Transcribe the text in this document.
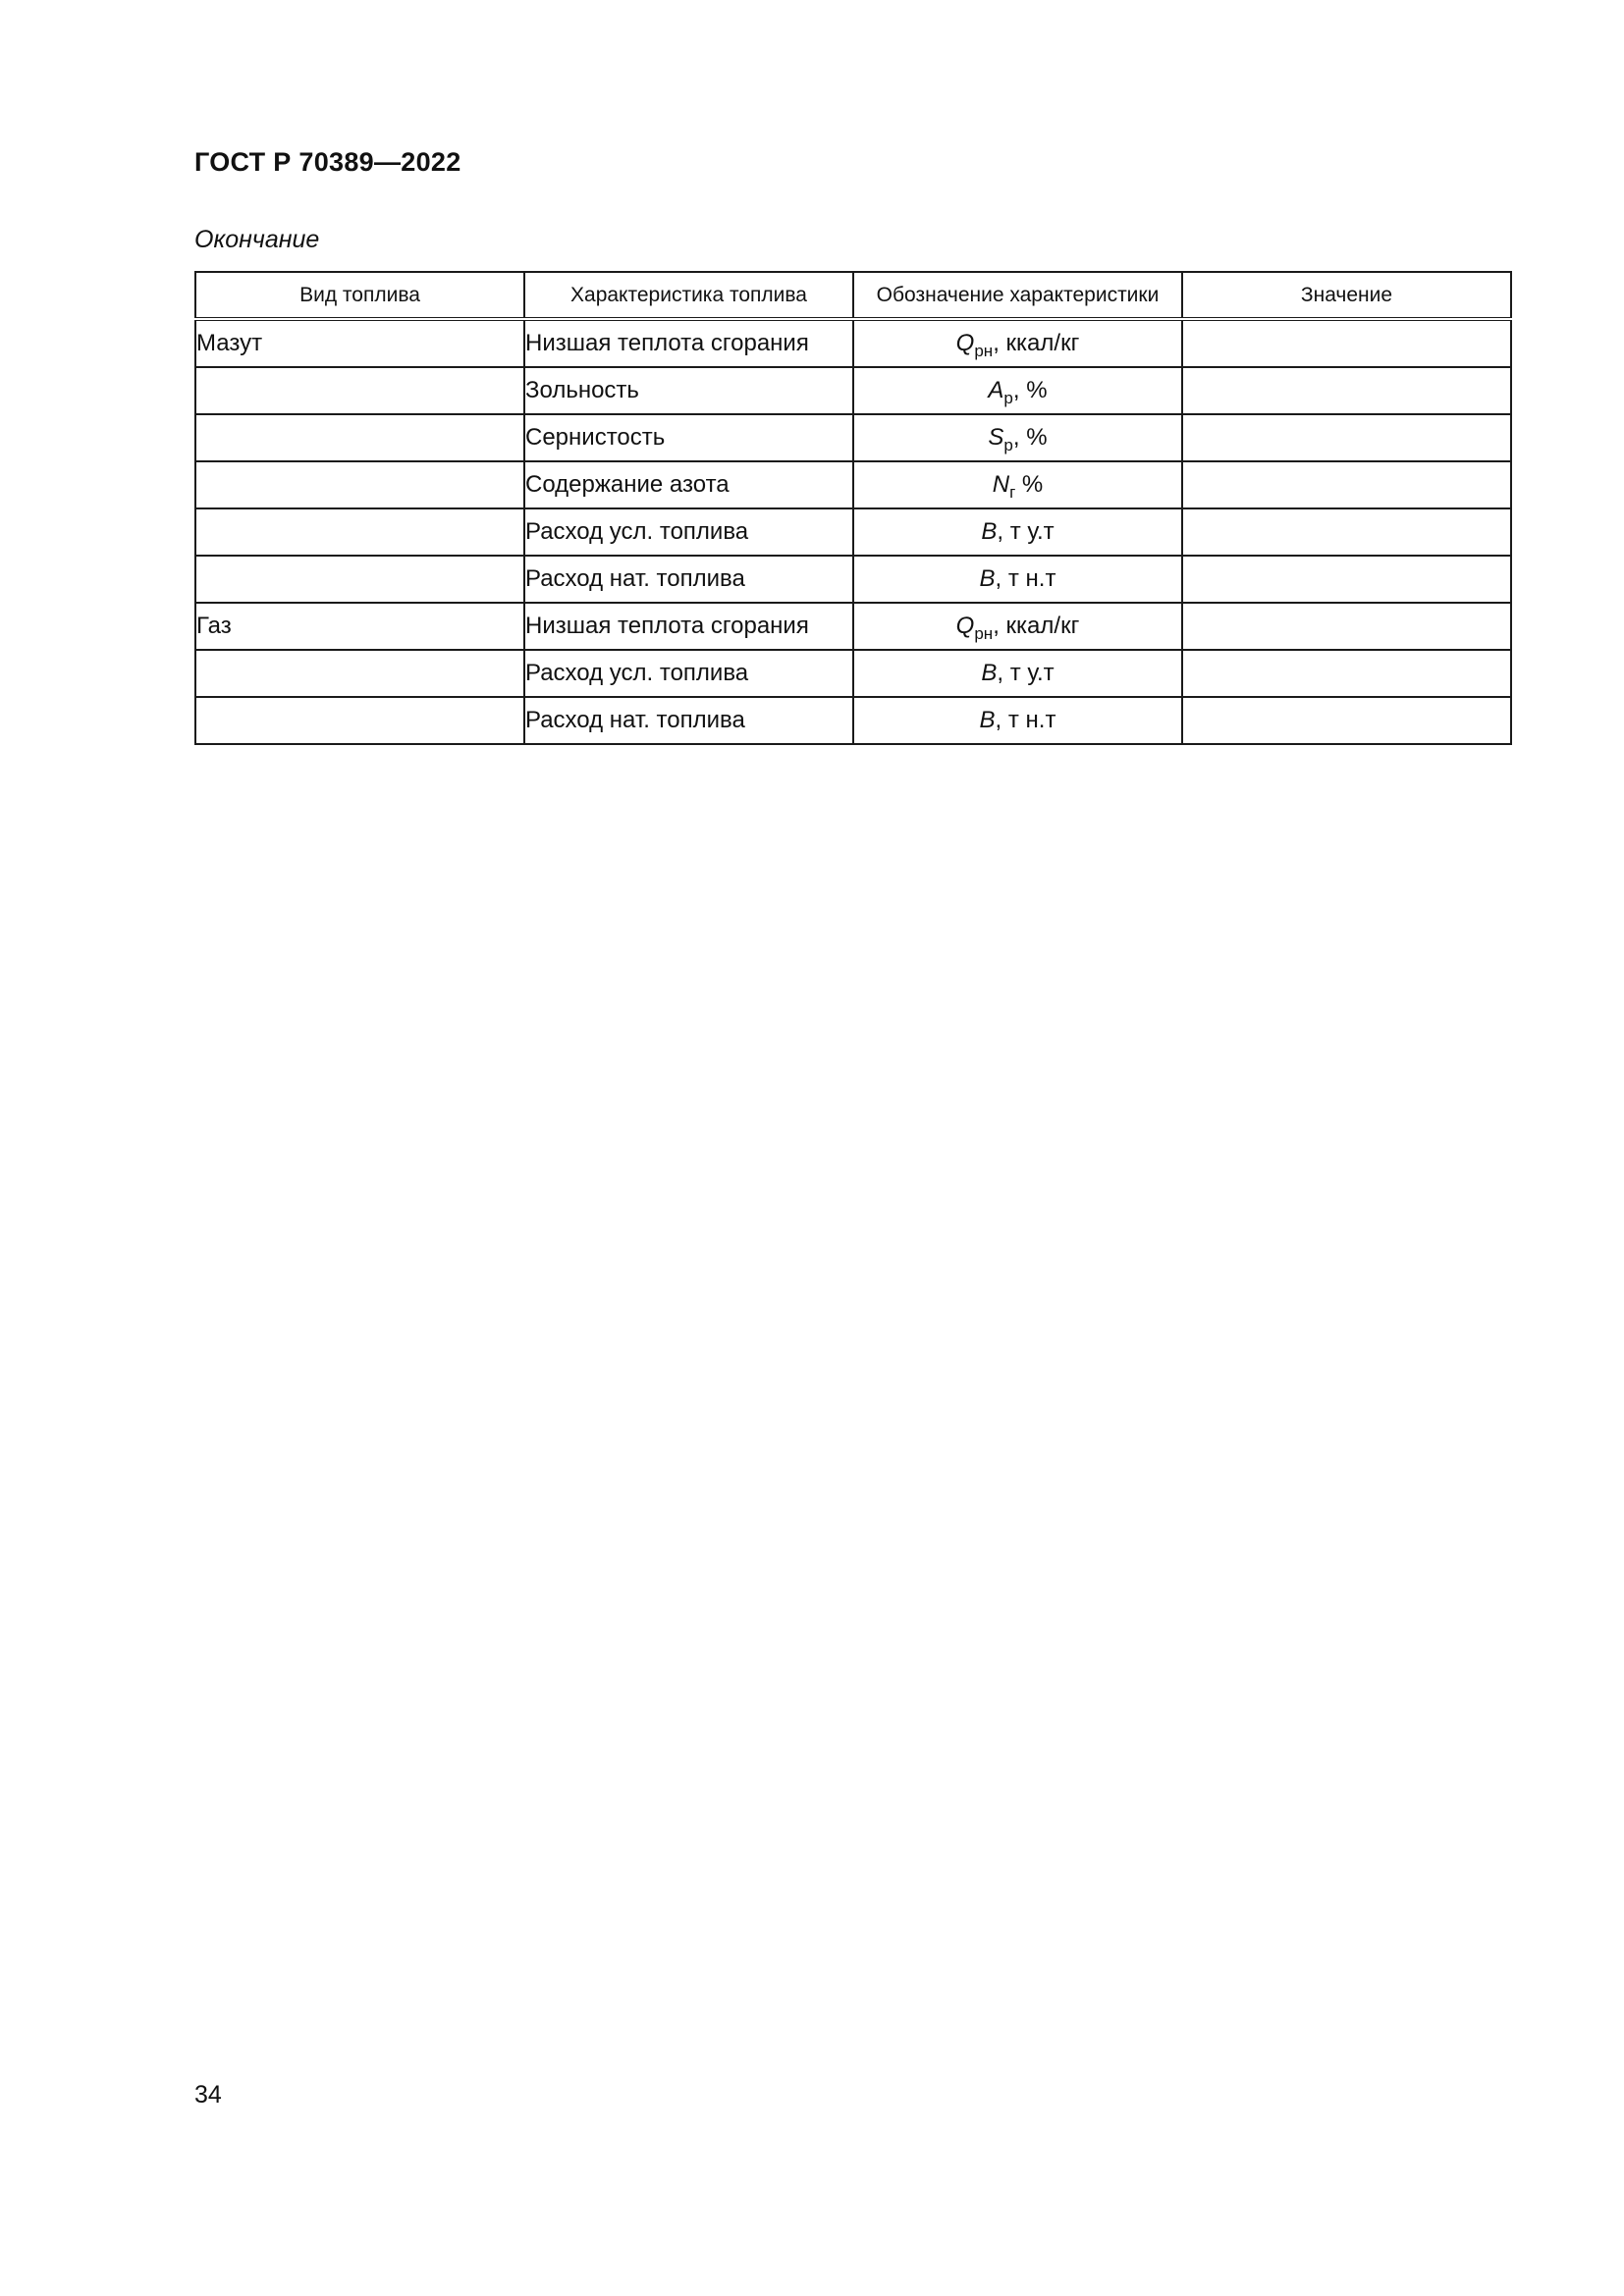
ГОСТ Р 70389—2022
Окончание
Вид топлива	Характеристика топлива	Обозначение характеристики	Значение
Мазут	Низшая теплота сгорания	$Q_{рн}$, ккал/кг	
	Зольность	$A_р$, %	
	Сернистость	$S_р$, %	
	Содержание азота	$N_г$ %	
	Расход усл. топлива	B, т у.т	
	Расход нат. топлива	B, т н.т	
Газ	Низшая теплота сгорания	$Q_{рн}$, ккал/кг	
	Расход усл. топлива	B, т у.т	
	Расход нат. топлива	B, т н.т	
34
